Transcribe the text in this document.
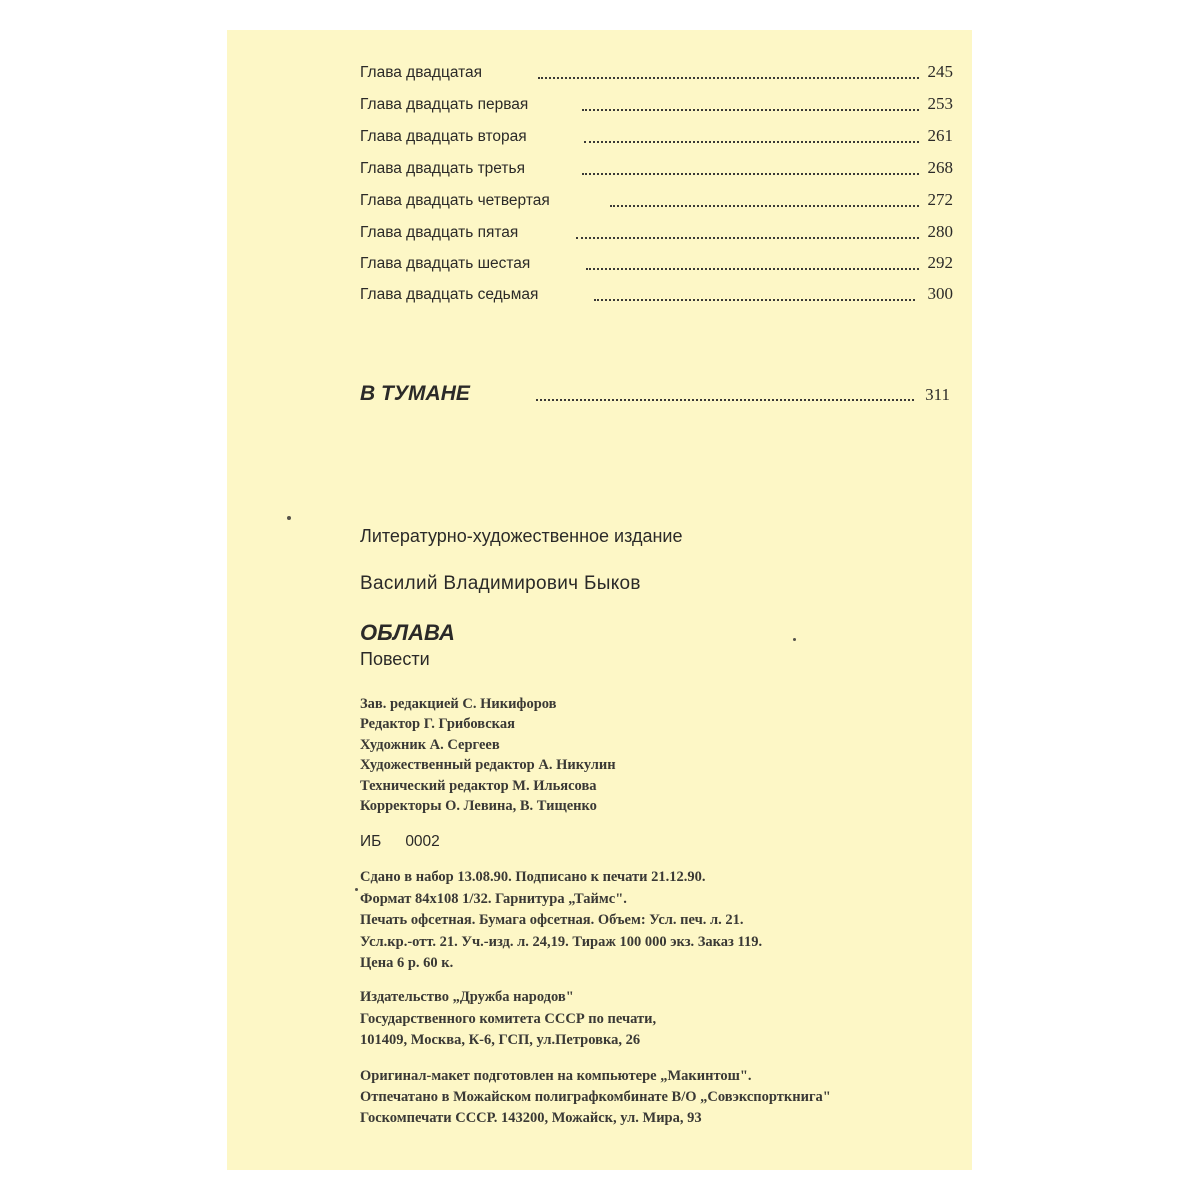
Глава двадцатая	245
Глава двадцать первая	253
Глава двадцать вторая	261
Глава двадцать третья	268
Глава двадцать четвертая	272
Глава двадцать пятая	280
Глава двадцать шестая	292
Глава двадцать седьмая	300
В ТУМАНЕ	311
Литературно-художественное издание
Василий Владимирович Быков
ОБЛАВА
Повести
Зав. редакцией С. Никифоров
Редактор Г. Грибовская
Художник А. Сергеев
Художественный редактор А. Никулин
Технический редактор М. Ильясова
Корректоры О. Левина, В. Тищенко
ИБ 0002
Сдано в набор 13.08.90. Подписано к печати 21.12.90.
Формат 84х108 1/32. Гарнитура „Таймс".
Печать офсетная. Бумага офсетная. Объем: Усл. печ. л. 21.
Усл.кр.-отт. 21. Уч.-изд. л. 24,19. Тираж 100 000 экз. Заказ 119.
Цена 6 р. 60 к.
Издательство „Дружба народов"
Государственного комитета СССР по печати,
101409, Москва, К-6, ГСП, ул.Петровка, 26
Оригинал-макет подготовлен на компьютере „Макинтош".
Отпечатано в Можайском полиграфкомбинате В/О „Совэкспорткнига"
Госкомпечати СССР. 143200, Можайск, ул. Мира, 93
